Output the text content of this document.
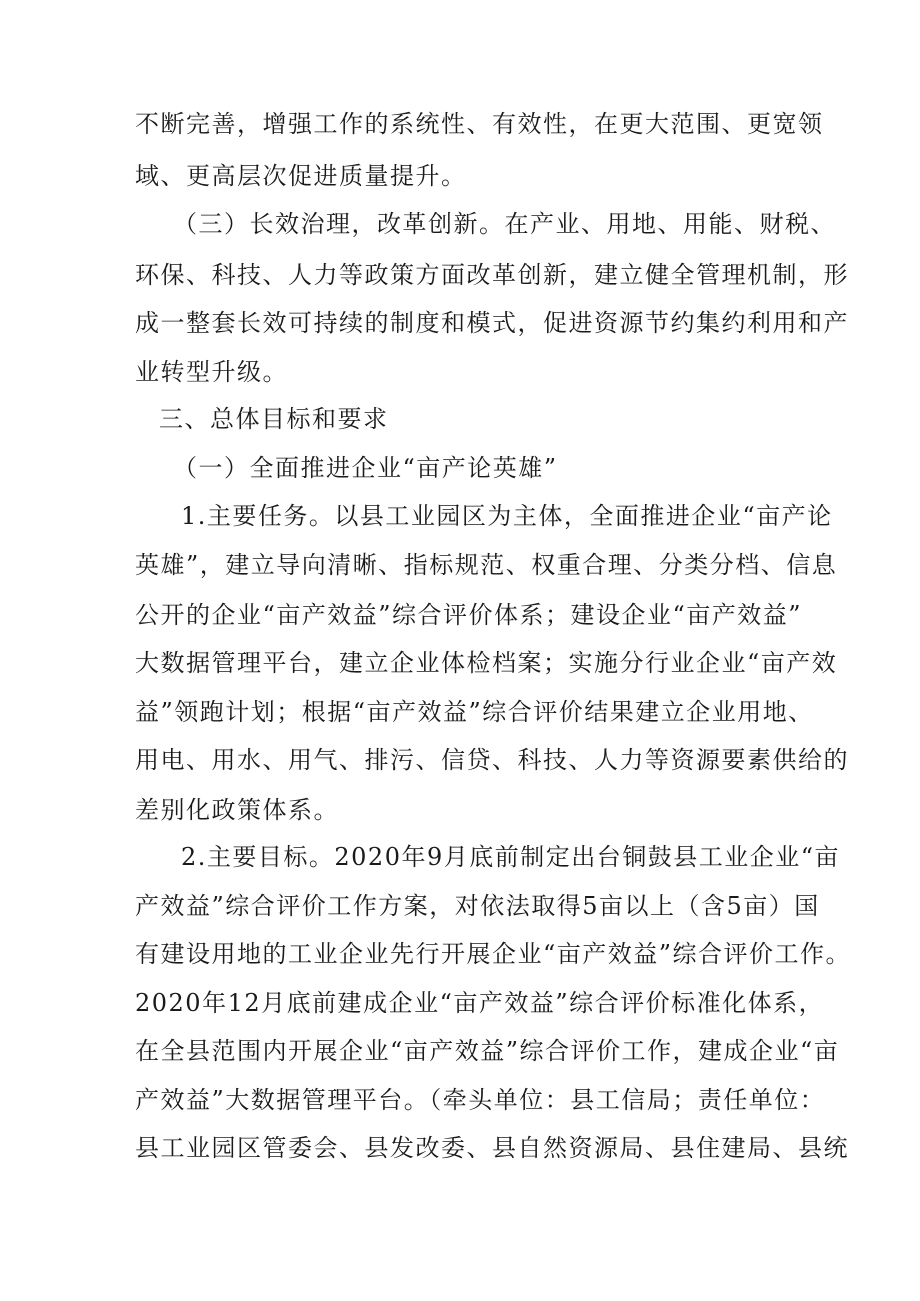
不断完善，增强工作的系统性、有效性，在更大范围、更宽领
域、更高层次促进质量提升。
（三）长效治理，改革创新。在产业、用地、用能、财税、
环保、科技、人力等政策方面改革创新，建立健全管理机制，形
成一整套长效可持续的制度和模式，促进资源节约集约利用和产
业转型升级。
三、总体目标和要求
（一）全面推进企业“亩产论英雄”
1.主要任务。以县工业园区为主体，全面推进企业“亩产论
英雄”，建立导向清晰、指标规范、权重合理、分类分档、信息
公开的企业“亩产效益”综合评价体系；建设企业“亩产效益”
大数据管理平台，建立企业体检档案；实施分行业企业“亩产效
益”领跑计划；根据“亩产效益”综合评价结果建立企业用地、
用电、用水、用气、排污、信贷、科技、人力等资源要素供给的
差别化政策体系。
2.主要目标。2020年9月底前制定出台铜鼓县工业企业“亩
产效益”综合评价工作方案，对依法取得5亩以上（含5亩）国
有建设用地的工业企业先行开展企业“亩产效益”综合评价工作。
2020年12月底前建成企业“亩产效益”综合评价标准化体系，
在全县范围内开展企业“亩产效益”综合评价工作，建成企业“亩
产效益”大数据管理平台。（牵头单位：县工信局；责任单位：
县工业园区管委会、县发改委、县自然资源局、县住建局、县统
